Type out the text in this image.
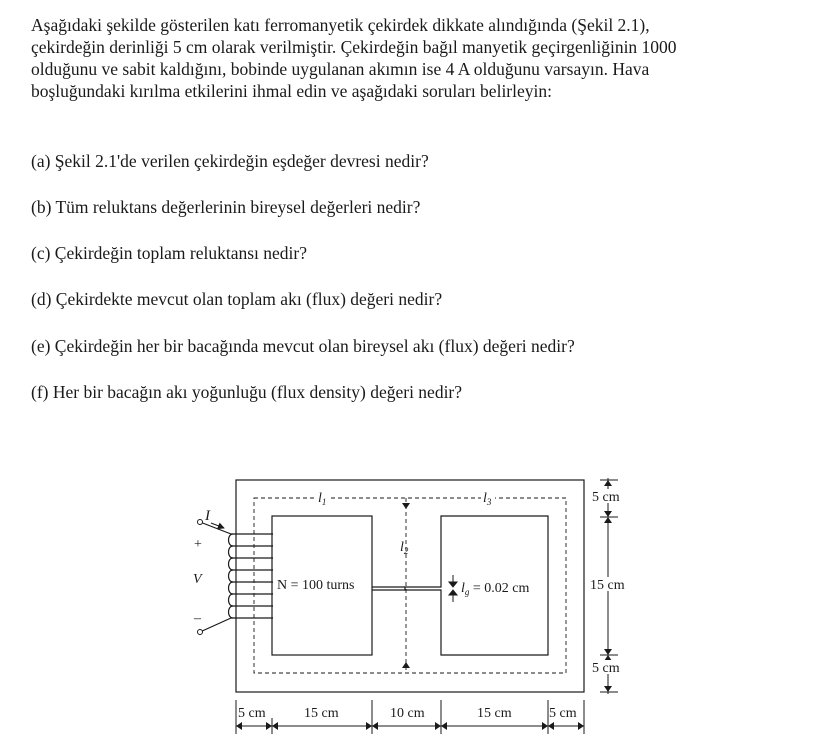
Aşağıdaki şekilde gösterilen katı ferromanyetik çekirdek dikkate alındığında (Şekil 2.1),
çekirdeğin derinliği 5 cm olarak verilmiştir. Çekirdeğin bağıl manyetik geçirgenliğinin 1000
olduğunu ve sabit kaldığını, bobinde uygulanan akımın ise 4 A olduğunu varsayın. Hava
boşluğundaki kırılma etkilerini ihmal edin ve aşağıdaki soruları belirleyin:

(a) Şekil 2.1'de verilen çekirdeğin eşdeğer devresi nedir?

(b) Tüm reluktans değerlerinin bireysel değerleri nedir?

(c) Çekirdeğin toplam reluktansı nedir?

(d) Çekirdekte mevcut olan toplam akı (flux) değeri nedir?

(e) Çekirdeğin her bir bacağında mevcut olan bireysel akı (flux) değeri nedir?

(f) Her bir bacağın akı yoğunluğu (flux density) değeri nedir?

I
+
V
–
$l_1$	$l_3$
$l_2$
N = 100 turns	$l_g = 0.02$ cm
5 cm
15 cm
5 cm
5 cm	15 cm	10 cm	15 cm	5 cm
